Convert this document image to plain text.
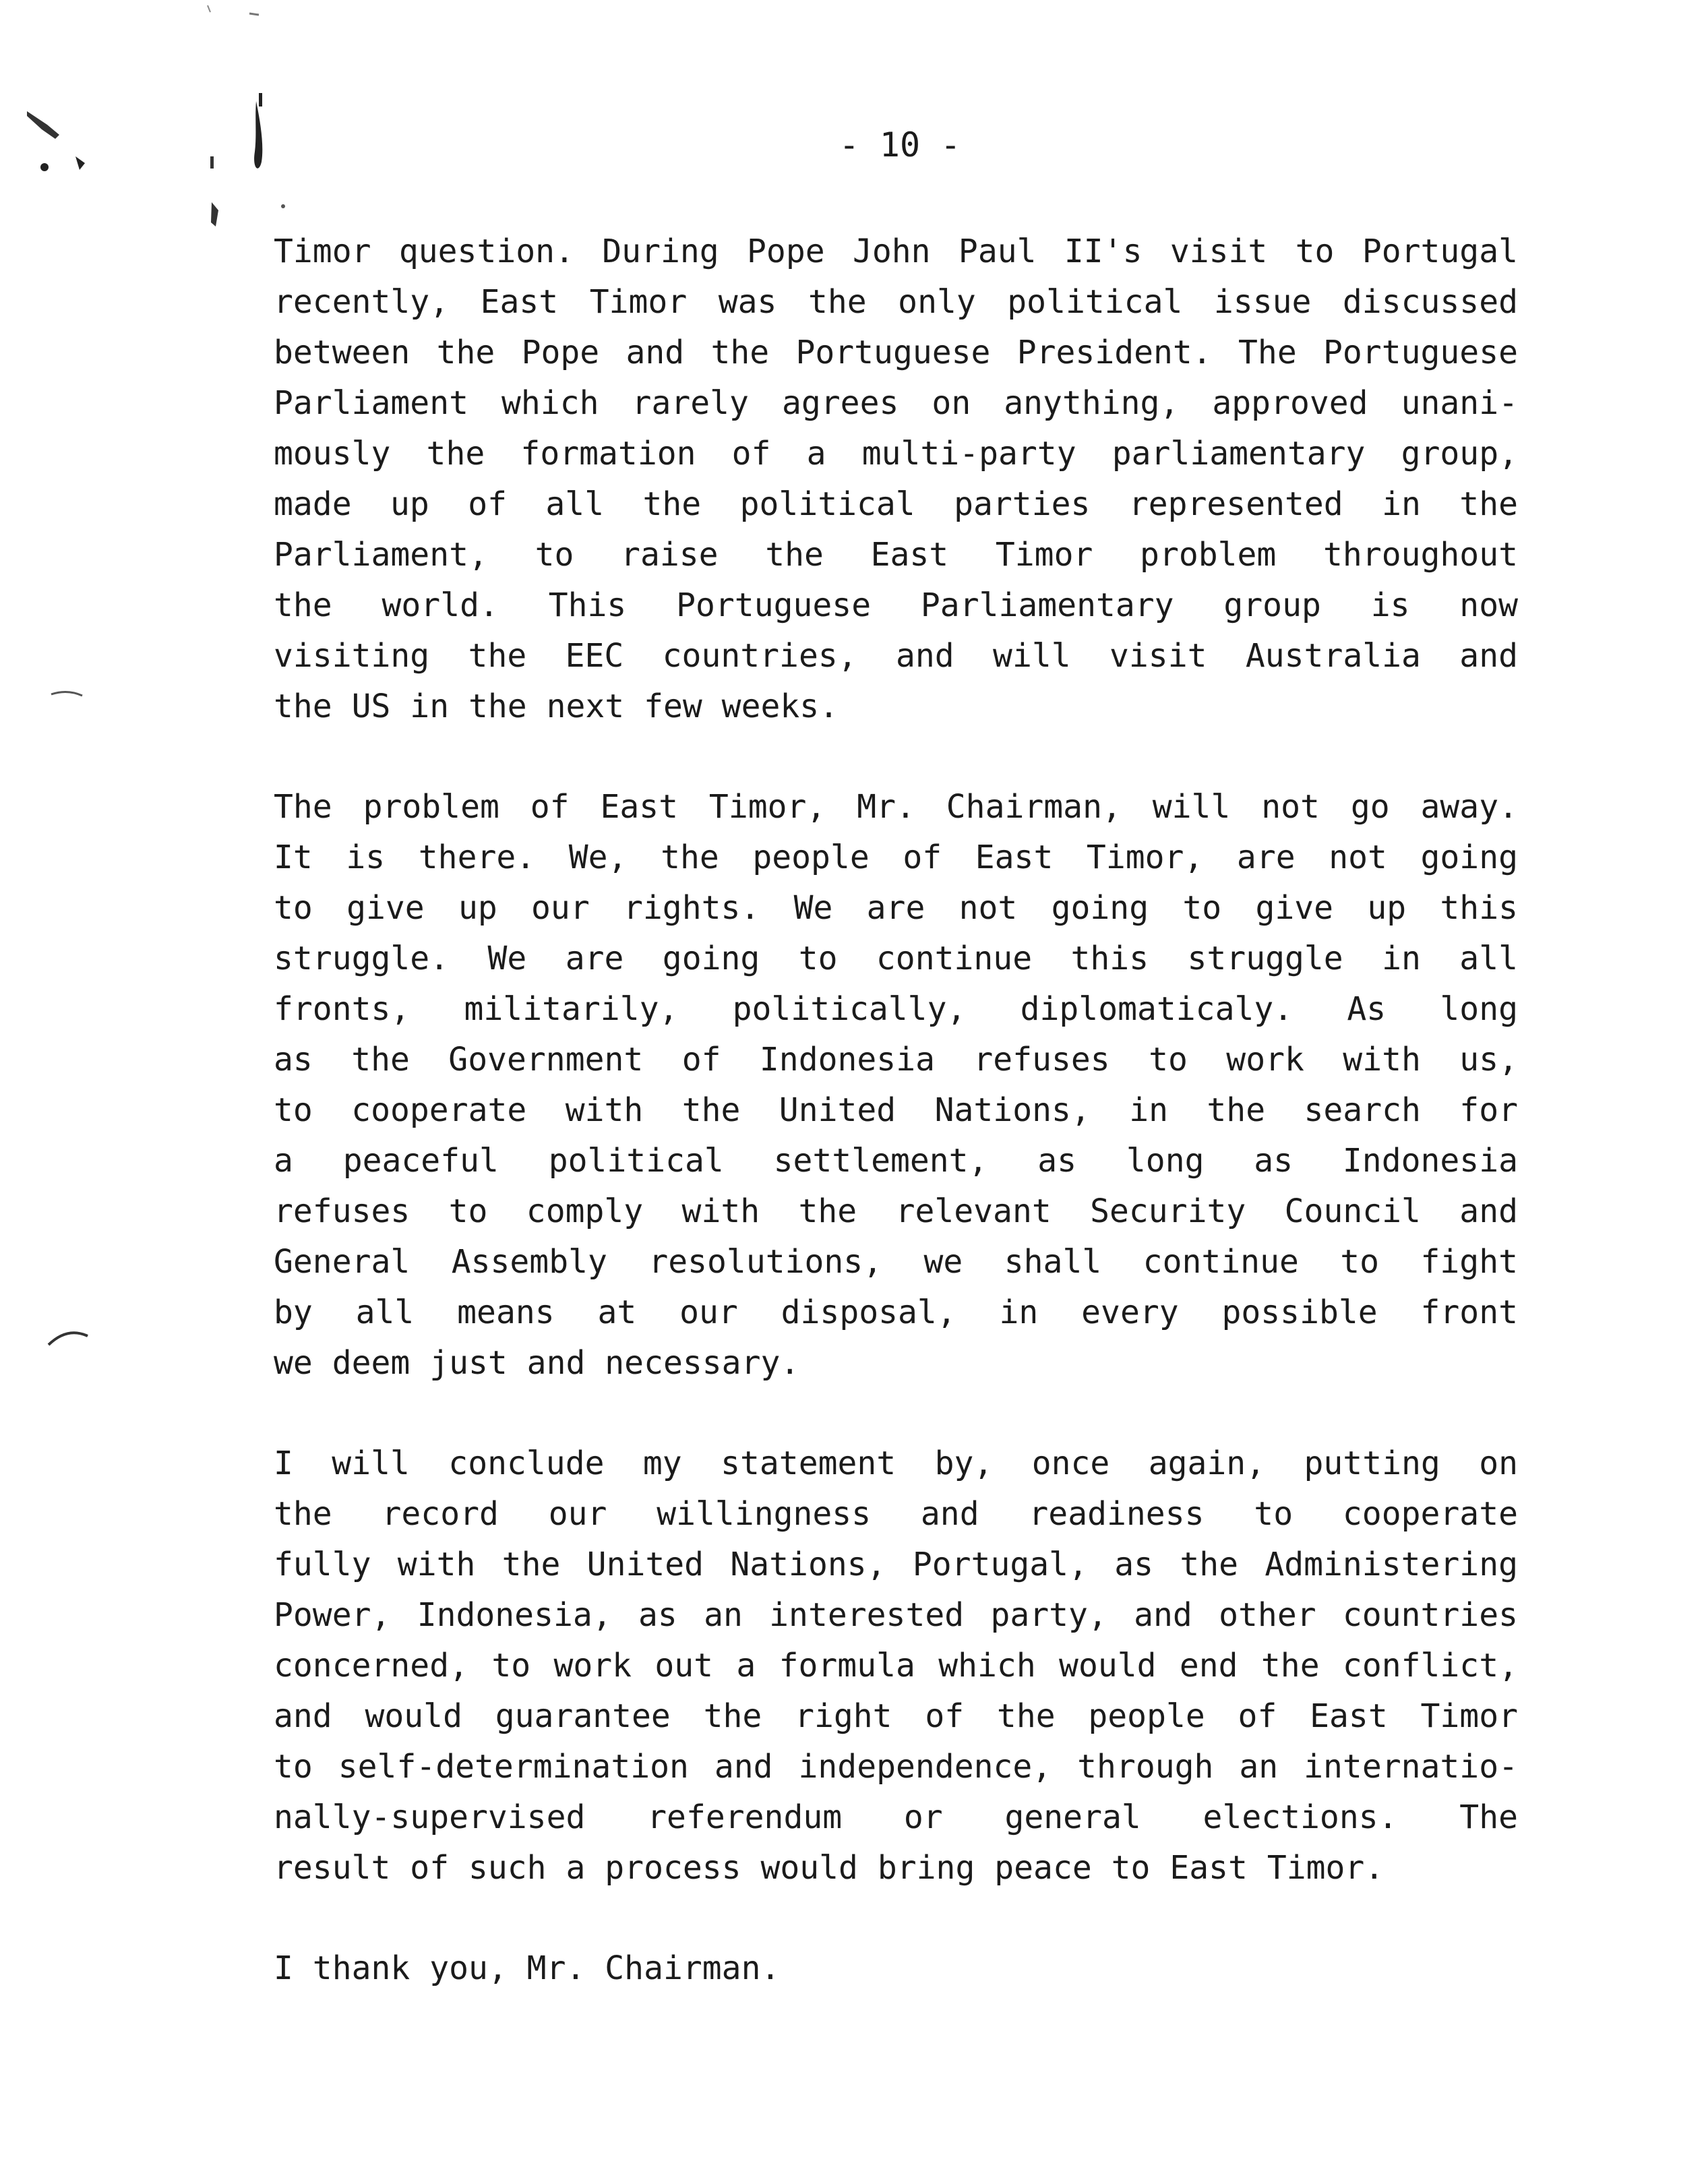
- 10 -
Timor question. During Pope John Paul II's visit to Portugal
recently, East Timor was the only political issue discussed
between the Pope and the Portuguese President. The Portuguese
Parliament which rarely agrees on anything, approved unani-
mously the formation of a multi-party parliamentary group,
made up of all the political parties represented in the
Parliament, to raise the East Timor problem throughout
the world. This Portuguese Parliamentary group is now
visiting the EEC countries, and will visit Australia and
the US in the next few weeks.
The problem of East Timor, Mr. Chairman, will not go away.
It is there. We, the people of East Timor, are not going
to give up our rights. We are not going to give up this
struggle. We are going to continue this struggle in all
fronts, militarily, politically, diplomaticaly. As long
as the Government of Indonesia refuses to work with us,
to cooperate with the United Nations, in the search for
a peaceful political settlement, as long as Indonesia
refuses to comply with the relevant Security Council and
General Assembly resolutions, we shall continue to fight
by all means at our disposal, in every possible front
we deem just and necessary.
I will conclude my statement by, once again, putting on
the record our willingness and readiness to cooperate
fully with the United Nations, Portugal, as the Administering
Power, Indonesia, as an interested party, and other countries
concerned, to work out a formula which would end the conflict,
and would guarantee the right of the people of East Timor
to self-determination and independence, through an internatio-
nally-supervised referendum or general elections. The
result of such a process would bring peace to East Timor.
I thank you, Mr. Chairman.
